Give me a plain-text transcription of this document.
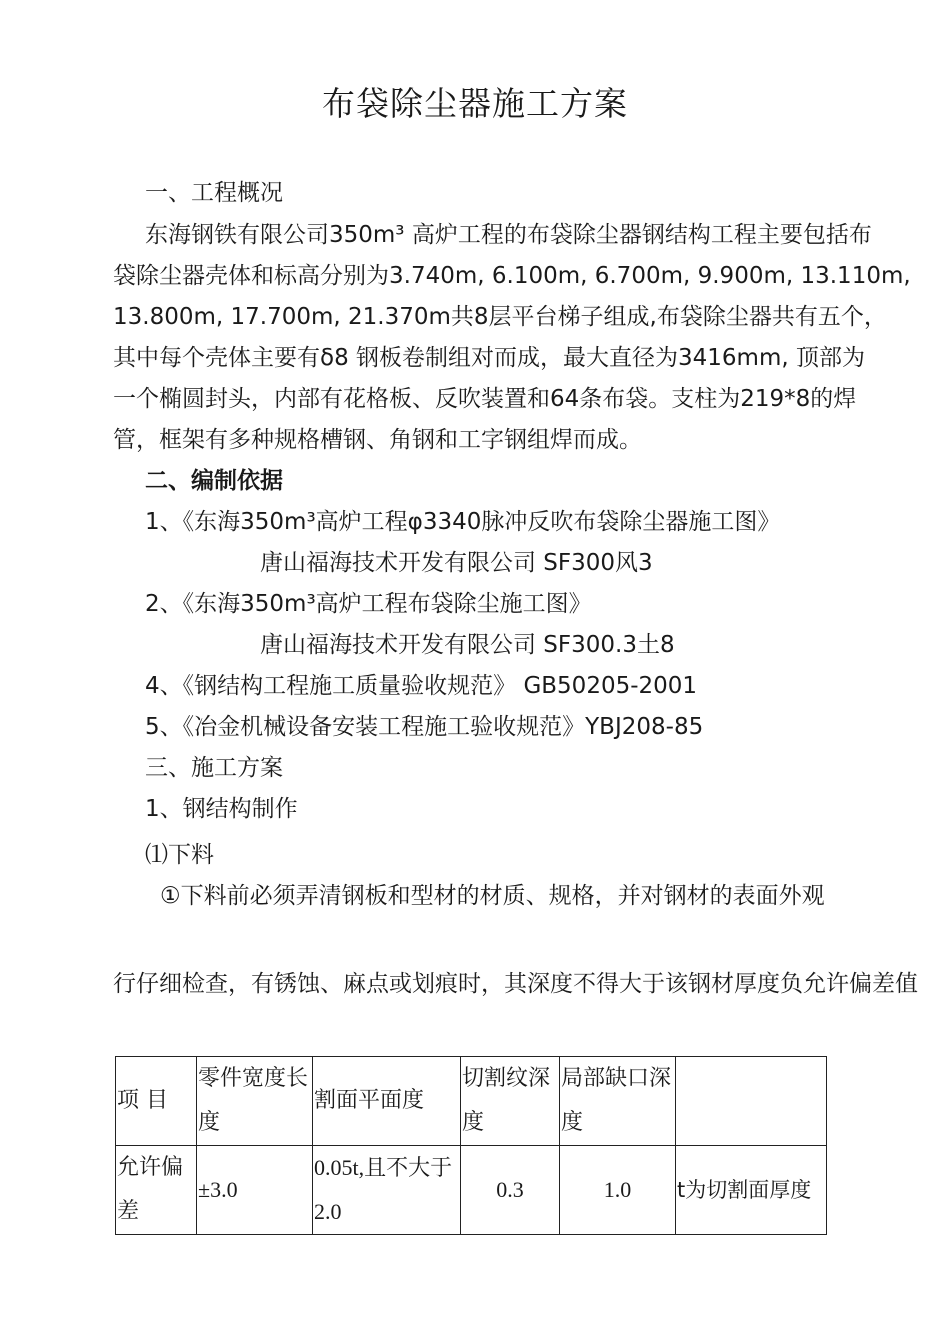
布袋除尘器施工方案
一、工程概况
东海钢铁有限公司350m³ 高炉工程的布袋除尘器钢结构工程主要包括布
袋除尘器壳体和标高分别为3.740m, 6.100m, 6.700m, 9.900m, 13.110m,
13.800m, 17.700m, 21.370m共8层平台梯子组成,布袋除尘器共有五个，
其中每个壳体主要有δ8 钢板卷制组对而成，最大直径为3416mm, 顶部为
一个椭圆封头，内部有花格板、反吹装置和64条布袋。支柱为219*8的焊
管，框架有多种规格槽钢、角钢和工字钢组焊而成。
二、编制依据
1、《东海350m³高炉工程φ3340脉冲反吹布袋除尘器施工图》
唐山福海技术开发有限公司 SF300风3
2、《东海350m³高炉工程布袋除尘施工图》
唐山福海技术开发有限公司 SF300.3土8
4、《钢结构工程施工质量验收规范》 GB50205-2001
5、《冶金机械设备安装工程施工验收规范》YBJ208-85
三、施工方案
1、钢结构制作
⑴下料
①下料前必须弄清钢板和型材的材质、规格，并对钢材的表面外观
行仔细检查，有锈蚀、麻点或划痕时，其深度不得大于该钢材厚度负允许偏差值
项 目	零件宽度长度	割面平面度	切割纹深度	局部缺口深度	
允许偏差	±3.0	0.05t,且不大于2.0	0.3	1.0	t为切割面厚度
